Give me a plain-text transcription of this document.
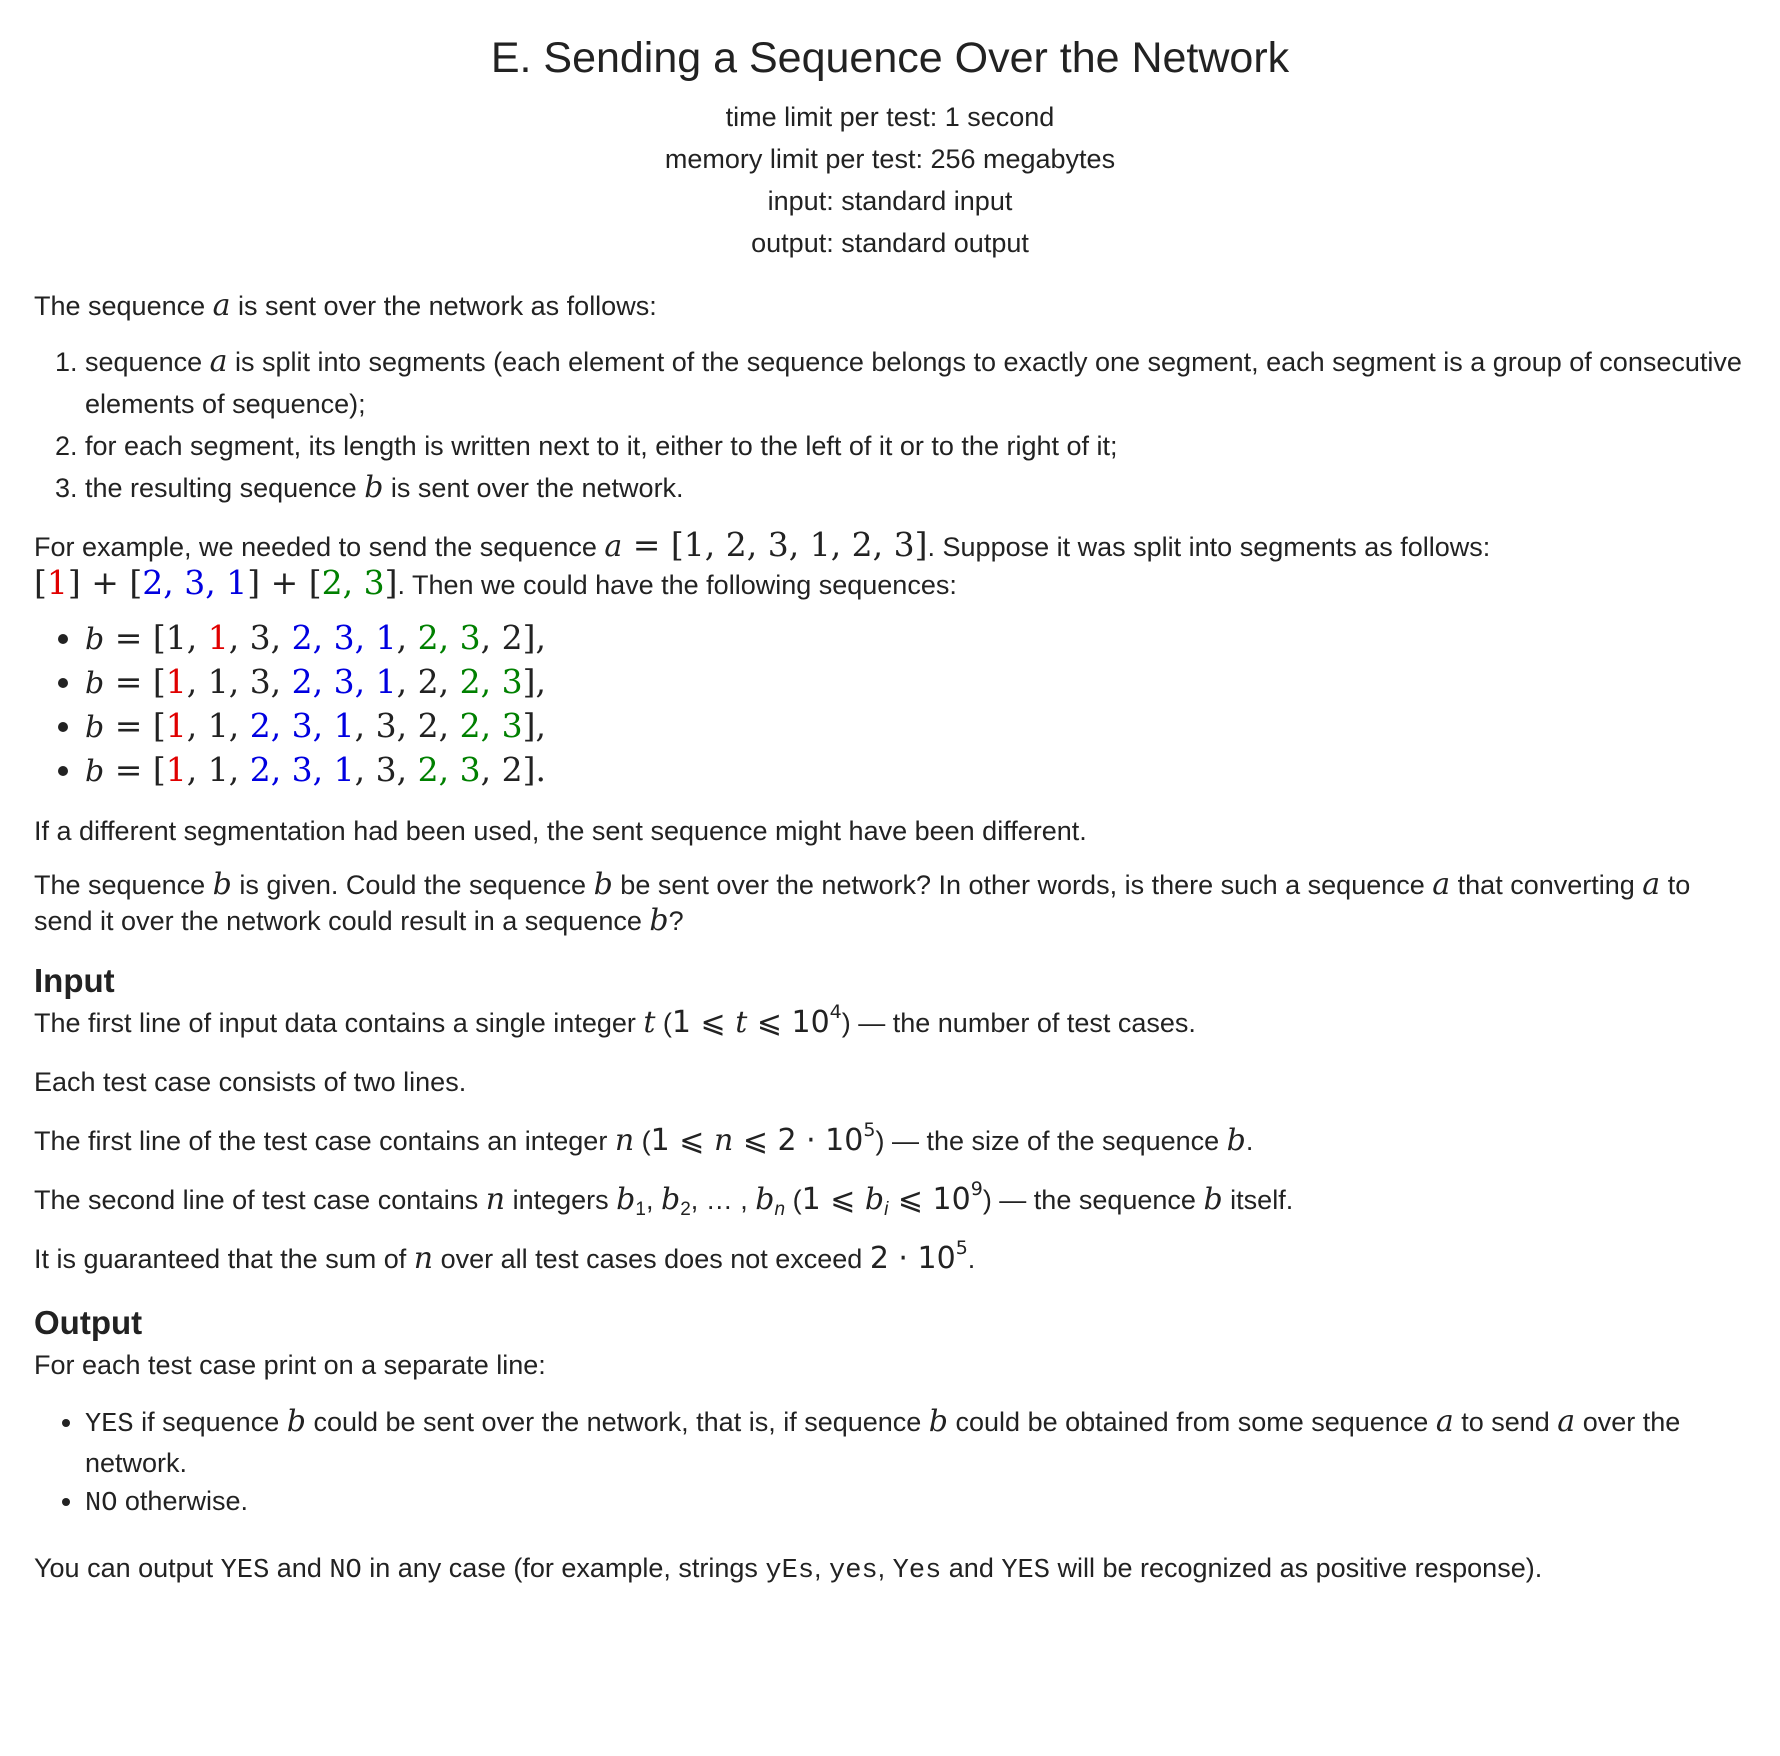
E. Sending a Sequence Over the Network
time limit per test: 1 second
memory limit per test: 256 megabytes
input: standard input
output: standard output

The sequence a is sent over the network as follows:

1. sequence a is split into segments (each element of the sequence belongs to exactly one segment, each segment is a group of consecutive elements of sequence);
2. for each segment, its length is written next to it, either to the left of it or to the right of it;
3. the resulting sequence b is sent over the network.

For example, we needed to send the sequence a = [1, 2, 3, 1, 2, 3]. Suppose it was split into segments as follows:
[1] + [2, 3, 1] + [2, 3]. Then we could have the following sequences:

• b = [1, 1, 3, 2, 3, 1, 2, 3, 2],
• b = [1, 1, 3, 2, 3, 1, 2, 2, 3],
• b = [1, 1, 2, 3, 1, 3, 2, 2, 3],
• b = [1, 1, 2, 3, 1, 3, 2, 3, 2].

If a different segmentation had been used, the sent sequence might have been different.

The sequence b is given. Could the sequence b be sent over the network? In other words, is there such a sequence a that converting a to send it over the network could result in a sequence b?

Input

The first line of input data contains a single integer t (1 ⩽ t ⩽ $10^4$) — the number of test cases.

Each test case consists of two lines.

The first line of the test case contains an integer n (1 ⩽ n ⩽ $2 \cdot 10^5$) — the size of the sequence b.

The second line of test case contains n integers $b_1$, $b_2$, … , $b_n$ (1 ⩽ $b_i$ ⩽ $10^9$) — the sequence b itself.

It is guaranteed that the sum of n over all test cases does not exceed $2 \cdot 10^5$.

Output

For each test case print on a separate line:

• YES if sequence b could be sent over the network, that is, if sequence b could be obtained from some sequence a to send a over the network.
• NO otherwise.

You can output YES and NO in any case (for example, strings yEs, yes, Yes and YES will be recognized as positive response).
